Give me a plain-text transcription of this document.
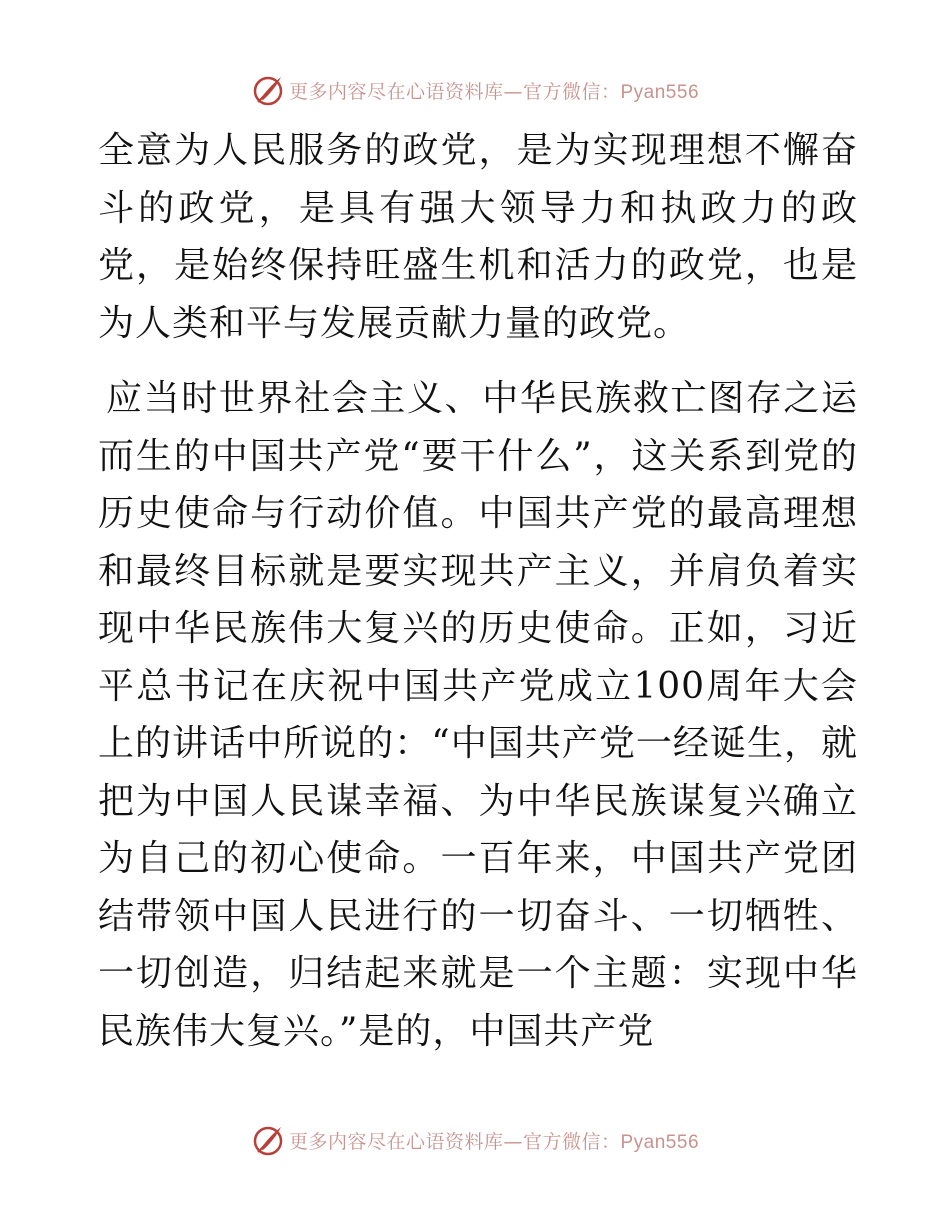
更多内容尽在心语资料库—官方微信：Pyan556

全意为人民服务的政党，是为实现理想不懈奋斗的政党，是具有强大领导力和执政力的政党，是始终保持旺盛生机和活力的政党，也是为人类和平与发展贡献力量的政党。

应当时世界社会主义、中华民族救亡图存之运而生的中国共产党“要干什么”，这关系到党的历史使命与行动价值。中国共产党的最高理想和最终目标就是要实现共产主义，并肩负着实现中华民族伟大复兴的历史使命。正如，习近平总书记在庆祝中国共产党成立100周年大会上的讲话中所说的：“中国共产党一经诞生，就把为中国人民谋幸福、为中华民族谋复兴确立为自己的初心使命。一百年来，中国共产党团结带领中国人民进行的一切奋斗、一切牺牲、一切创造，归结起来就是一个主题：实现中华民族伟大复兴。”是的，中国共产党

更多内容尽在心语资料库—官方微信：Pyan556
